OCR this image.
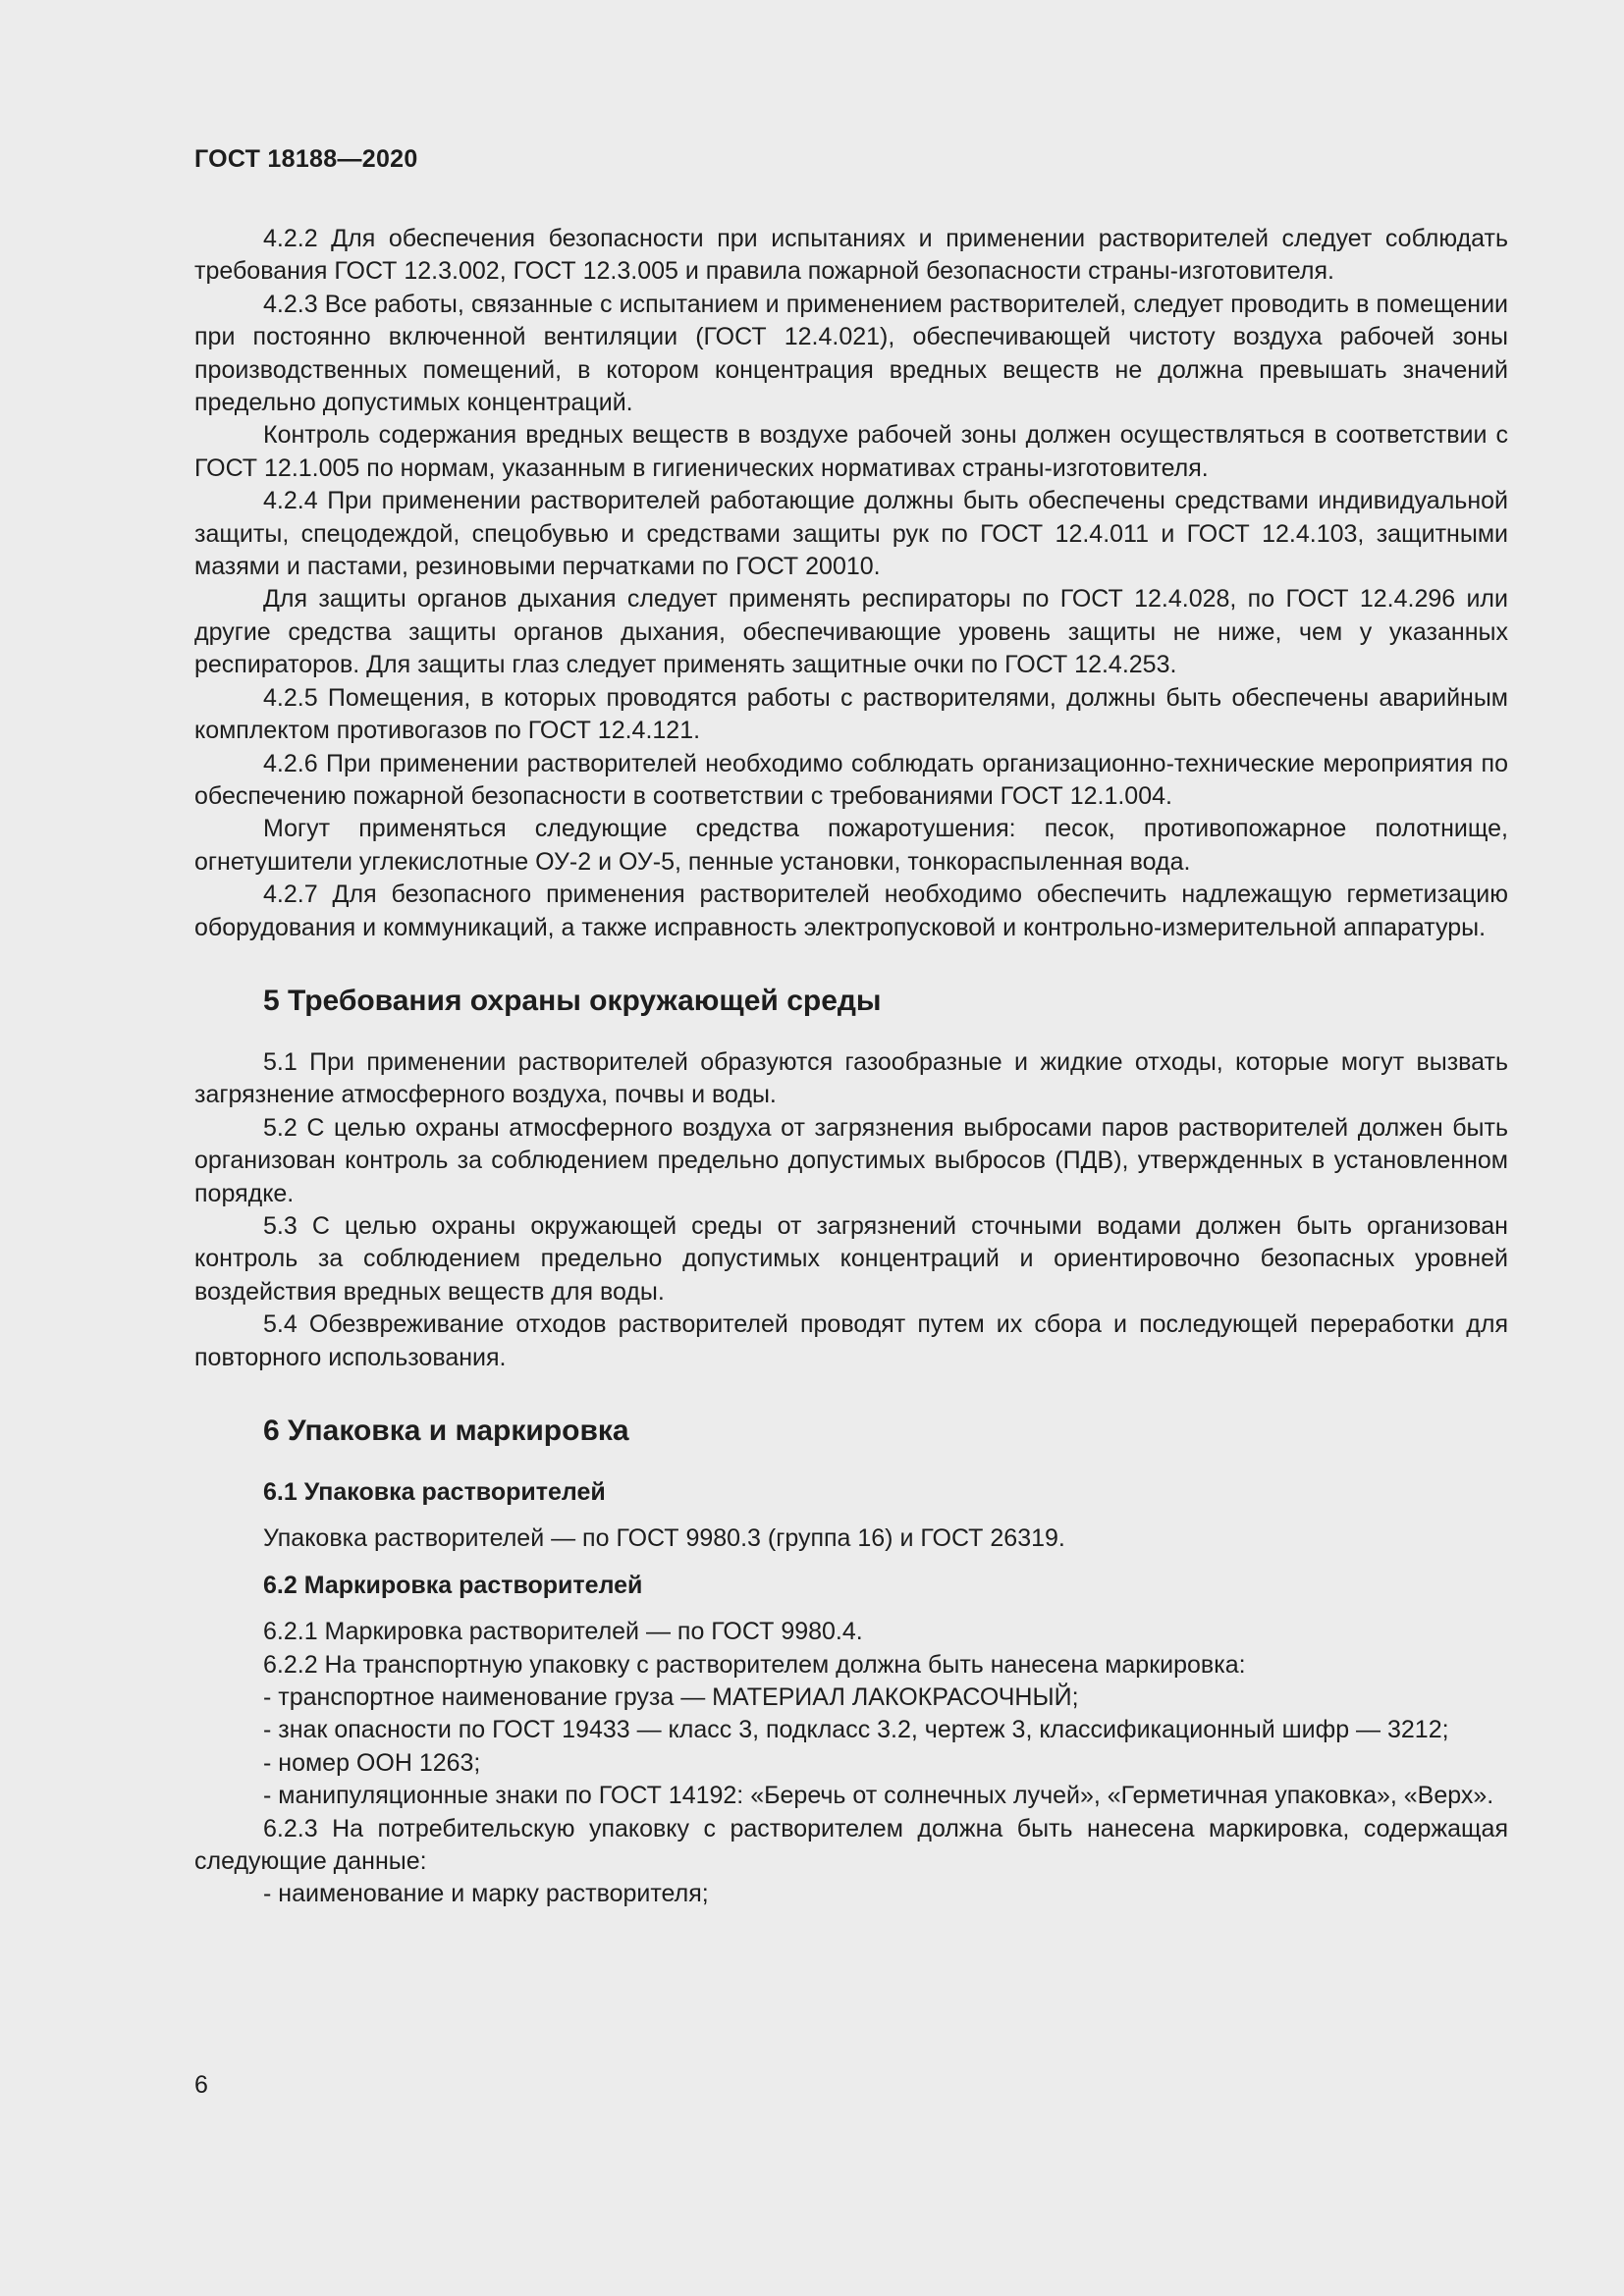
ГОСТ 18188—2020

4.2.2 Для обеспечения безопасности при испытаниях и применении растворителей следует соблюдать требования ГОСТ 12.3.002, ГОСТ 12.3.005 и правила пожарной безопасности страны-изготовителя.

4.2.3 Все работы, связанные с испытанием и применением растворителей, следует проводить в помещении при постоянно включенной вентиляции (ГОСТ 12.4.021), обеспечивающей чистоту воздуха рабочей зоны производственных помещений, в котором концентрация вредных веществ не должна превышать значений предельно допустимых концентраций.

Контроль содержания вредных веществ в воздухе рабочей зоны должен осуществляться в соответствии с ГОСТ 12.1.005 по нормам, указанным в гигиенических нормативах страны-изготовителя.

4.2.4 При применении растворителей работающие должны быть обеспечены средствами индивидуальной защиты, спецодеждой, спецобувью и средствами защиты рук по ГОСТ 12.4.011 и ГОСТ 12.4.103, защитными мазями и пастами, резиновыми перчатками по ГОСТ 20010.

Для защиты органов дыхания следует применять респираторы по ГОСТ 12.4.028, по ГОСТ 12.4.296 или другие средства защиты органов дыхания, обеспечивающие уровень защиты не ниже, чем у указанных респираторов. Для защиты глаз следует применять защитные очки по ГОСТ 12.4.253.

4.2.5 Помещения, в которых проводятся работы с растворителями, должны быть обеспечены аварийным комплектом противогазов по ГОСТ 12.4.121.

4.2.6 При применении растворителей необходимо соблюдать организационно-технические мероприятия по обеспечению пожарной безопасности в соответствии с требованиями ГОСТ 12.1.004.

Могут применяться следующие средства пожаротушения: песок, противопожарное полотнище, огнетушители углекислотные ОУ-2 и ОУ-5, пенные установки, тонкораспыленная вода.

4.2.7 Для безопасного применения растворителей необходимо обеспечить надлежащую герметизацию оборудования и коммуникаций, а также исправность электропусковой и контрольно-измерительной аппаратуры.

5 Требования охраны окружающей среды

5.1 При применении растворителей образуются газообразные и жидкие отходы, которые могут вызвать загрязнение атмосферного воздуха, почвы и воды.

5.2 С целью охраны атмосферного воздуха от загрязнения выбросами паров растворителей должен быть организован контроль за соблюдением предельно допустимых выбросов (ПДВ), утвержденных в установленном порядке.

5.3 С целью охраны окружающей среды от загрязнений сточными водами должен быть организован контроль за соблюдением предельно допустимых концентраций и ориентировочно безопасных уровней воздействия вредных веществ для воды.

5.4 Обезвреживание отходов растворителей проводят путем их сбора и последующей переработки для повторного использования.

6 Упаковка и маркировка
6.1 Упаковка растворителей

Упаковка растворителей — по ГОСТ 9980.3 (группа 16) и ГОСТ 26319.

6.2 Маркировка растворителей

6.2.1 Маркировка растворителей — по ГОСТ 9980.4.

6.2.2 На транспортную упаковку с растворителем должна быть нанесена маркировка:

- транспортное наименование груза — МАТЕРИАЛ ЛАКОКРАСОЧНЫЙ;

- знак опасности по ГОСТ 19433 — класс 3, подкласс 3.2, чертеж 3, классификационный шифр — 3212;

- номер ООН 1263;

- манипуляционные знаки по ГОСТ 14192: «Беречь от солнечных лучей», «Герметичная упаковка», «Верх».

6.2.3 На потребительскую упаковку с растворителем должна быть нанесена маркировка, содержащая следующие данные:

- наименование и марку растворителя;

6
